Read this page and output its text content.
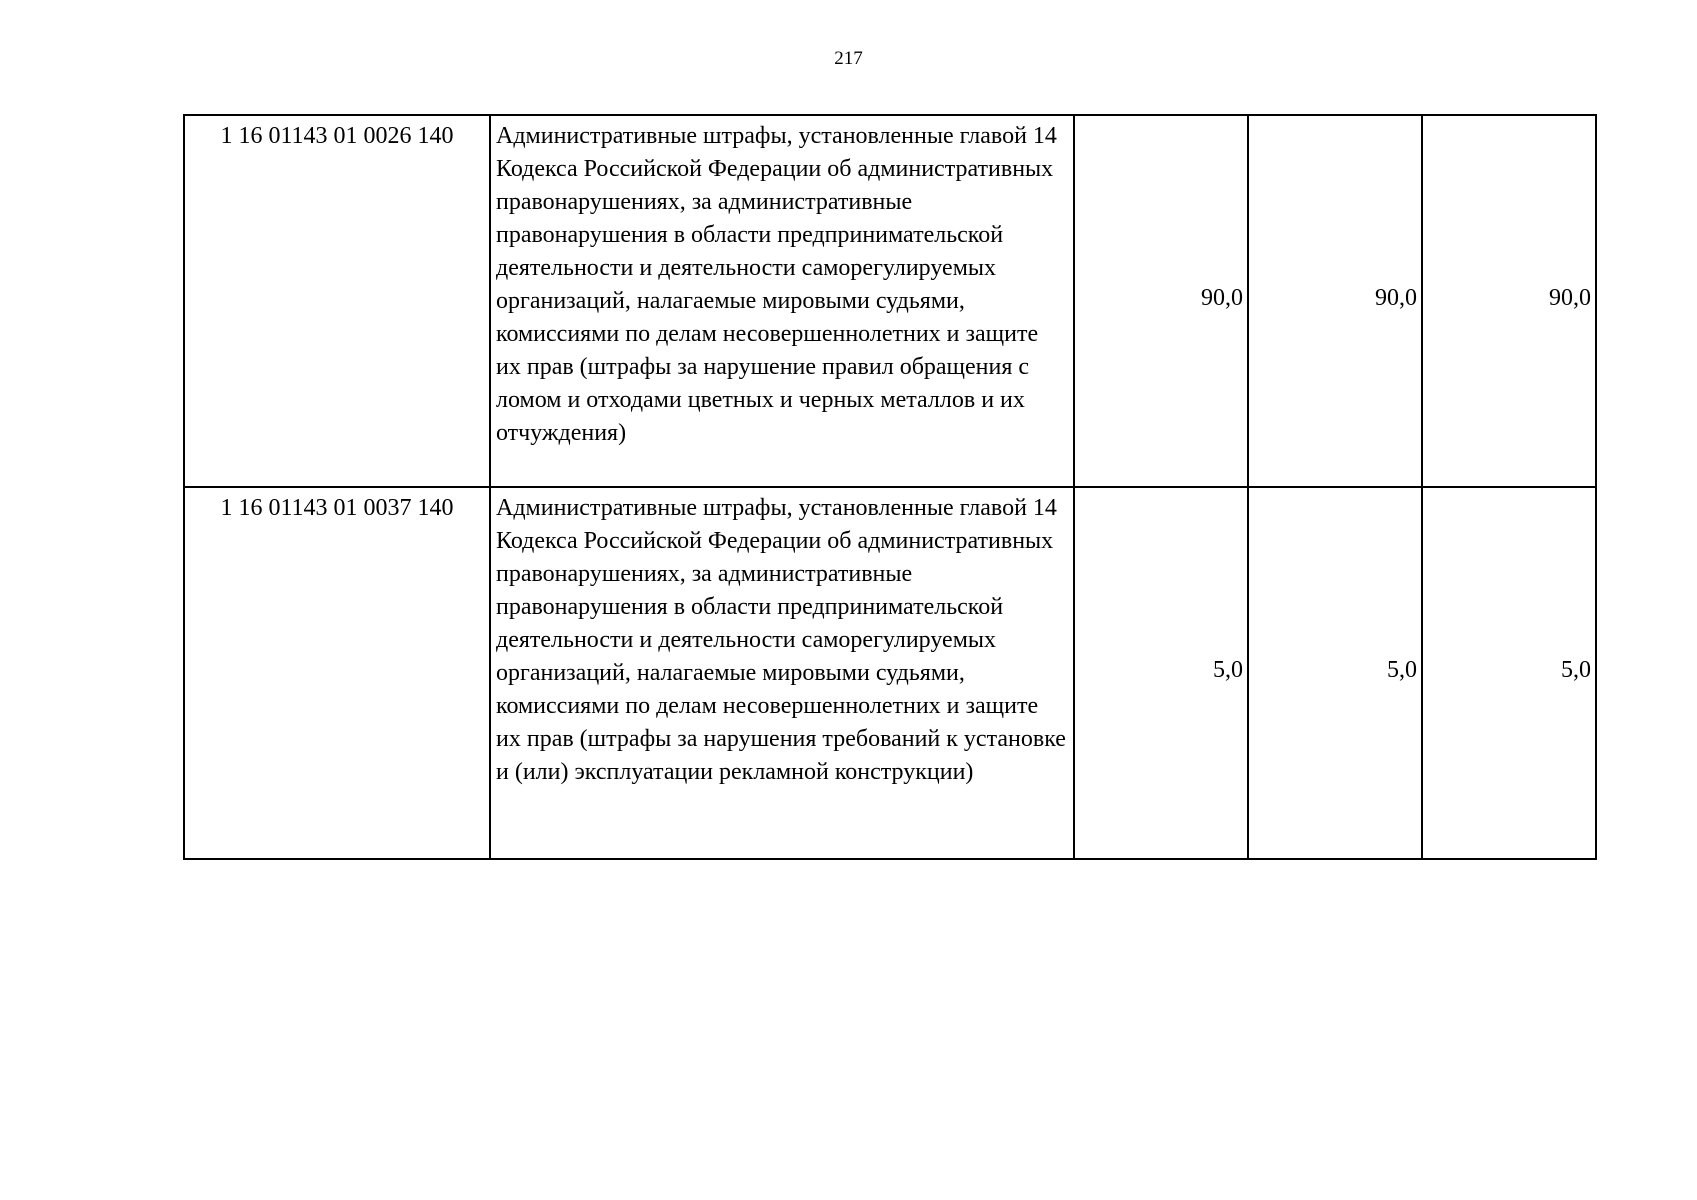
217
1 16 01143 01 0026 140	Административные штрафы, установленные главой 14 Кодекса Российской Федерации об административных правонарушениях, за административные правонарушения в области предпринимательской деятельности и деятельности саморегулируемых организаций, налагаемые мировыми судьями, комиссиями по делам несовершеннолетних и защите их прав (штрафы за нарушение правил обращения с ломом и отходами цветных и черных металлов и их отчуждения)	90,0	90,0	90,0
1 16 01143 01 0037 140	Административные штрафы, установленные главой 14 Кодекса Российской Федерации об административных правонарушениях, за административные правонарушения в области предпринимательской деятельности и деятельности саморегулируемых организаций, налагаемые мировыми судьями, комиссиями по делам несовершеннолетних и защите их прав (штрафы за нарушения требований к установке и (или) эксплуатации рекламной конструкции)	5,0	5,0	5,0
